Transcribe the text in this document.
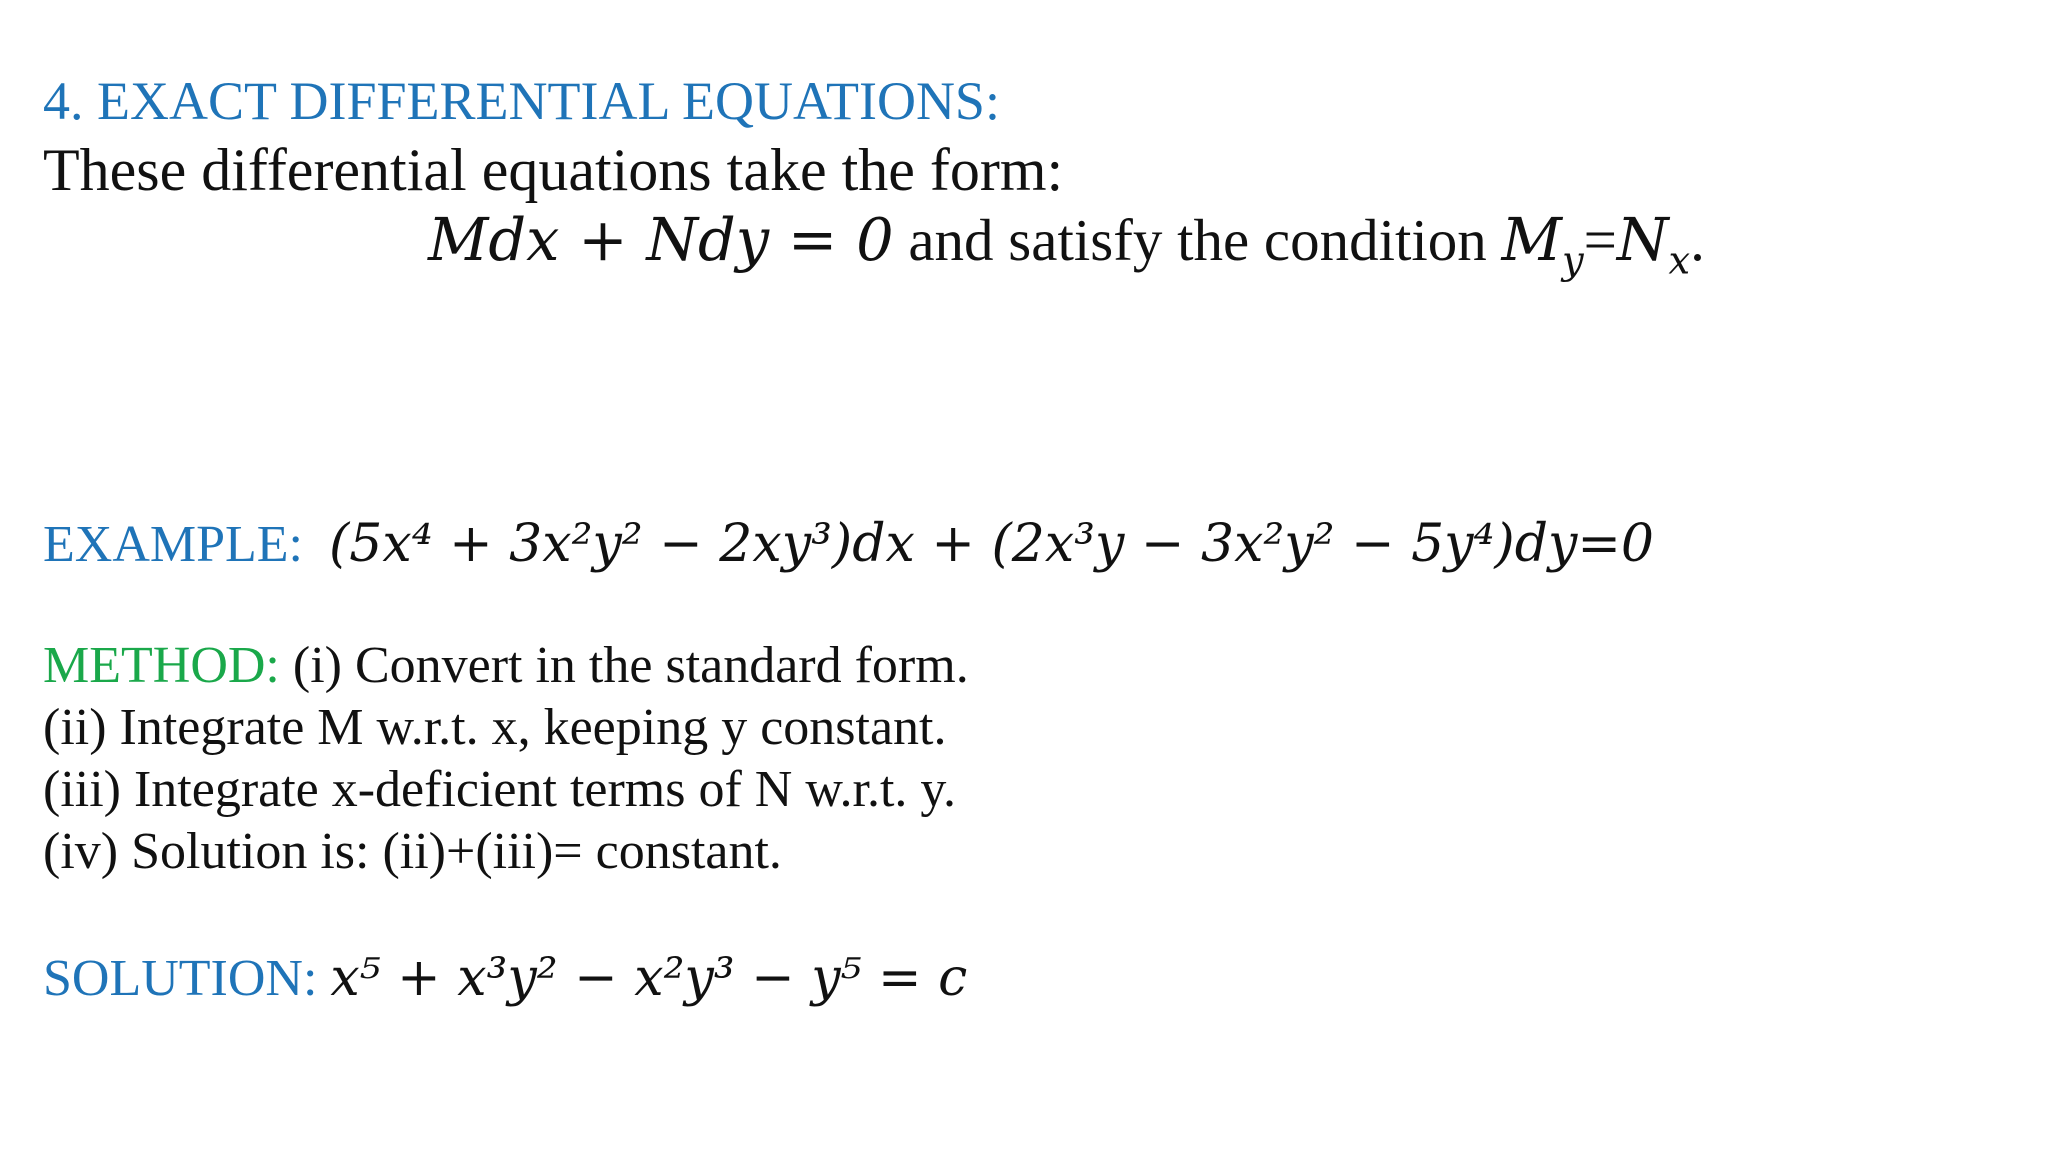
4. EXACT DIFFERENTIAL EQUATIONS:
These differential equations take the form:
Mdx + Ndy = 0 and satisfy the condition $M_y=N_x$.
EXAMPLE: (5x⁴ + 3x²y² − 2xy³)dx + (2x³y − 3x²y² − 5y⁴)dy=0
METHOD: (i) Convert in the standard form.
(ii) Integrate M w.r.t. x, keeping y constant.
(iii) Integrate x-deficient terms of N w.r.t. y.
(iv) Solution is: (ii)+(iii)= constant.
SOLUTION: x⁵ + x³y² − x²y³ − y⁵ = c
